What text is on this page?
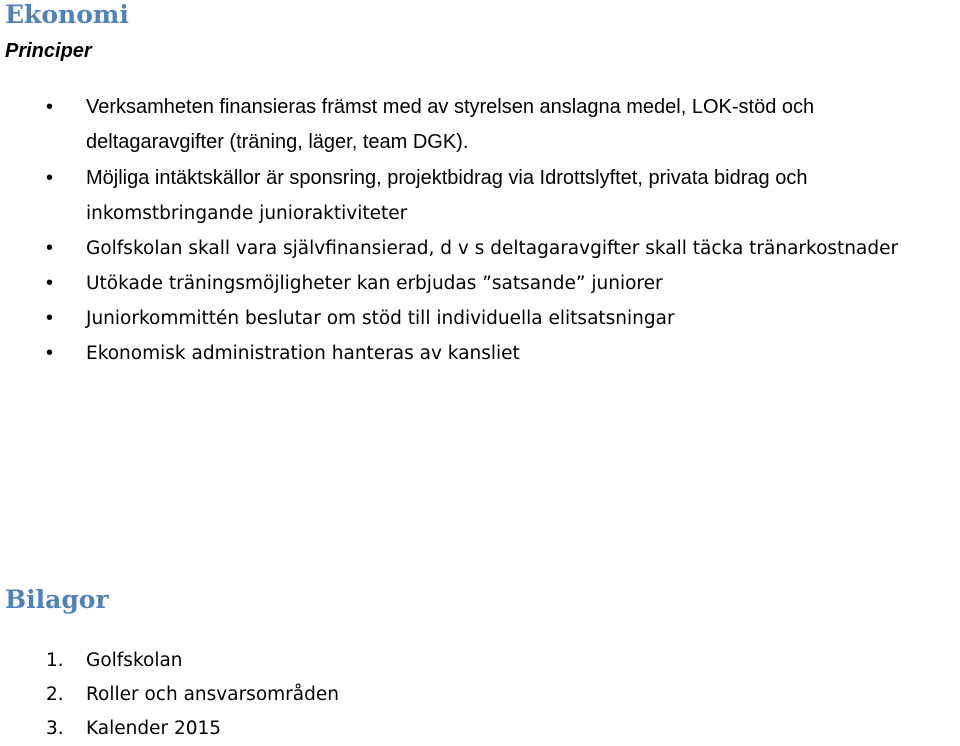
Ekonomi
Principer
• Verksamheten finansieras främst med av styrelsen anslagna medel, LOK-stöd och
deltagaravgifter (träning, läger, team DGK).
• Möjliga intäktskällor är sponsring, projektbidrag via Idrottslyftet, privata bidrag och
inkomstbringande junioraktiviteter
• Golfskolan skall vara självfinansierad, d v s deltagaravgifter skall täcka tränarkostnader
• Utökade träningsmöjligheter kan erbjudas ”satsande” juniorer
• Juniorkommittén beslutar om stöd till individuella elitsatsningar
• Ekonomisk administration hanteras av kansliet
Bilagor
1. Golfskolan
2. Roller och ansvarsområden
3. Kalender 2015
